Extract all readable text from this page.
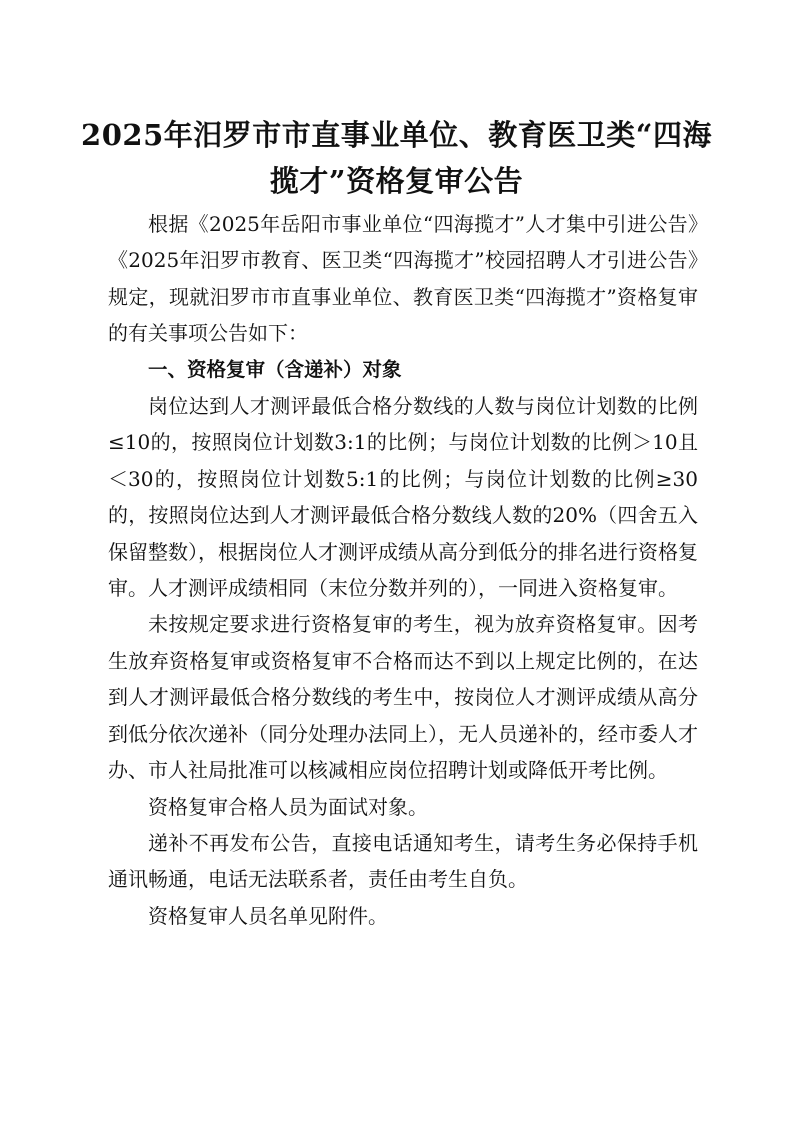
2025年汨罗市市直事业单位、教育医卫类“四海揽才”资格复审公告

根据《2025年岳阳市事业单位“四海揽才”人才集中引进公告》《2025年汨罗市教育、医卫类“四海揽才”校园招聘人才引进公告》规定，现就汨罗市市直事业单位、教育医卫类“四海揽才”资格复审的有关事项公告如下：

一、资格复审（含递补）对象

岗位达到人才测评最低合格分数线的人数与岗位计划数的比例≤10的，按照岗位计划数3:1的比例；与岗位计划数的比例＞10且＜30的，按照岗位计划数5:1的比例；与岗位计划数的比例≥30的，按照岗位达到人才测评最低合格分数线人数的20%（四舍五入保留整数），根据岗位人才测评成绩从高分到低分的排名进行资格复审。人才测评成绩相同（末位分数并列的），一同进入资格复审。

未按规定要求进行资格复审的考生，视为放弃资格复审。因考生放弃资格复审或资格复审不合格而达不到以上规定比例的，在达到人才测评最低合格分数线的考生中，按岗位人才测评成绩从高分到低分依次递补（同分处理办法同上），无人员递补的，经市委人才办、市人社局批准可以核减相应岗位招聘计划或降低开考比例。

资格复审合格人员为面试对象。

递补不再发布公告，直接电话通知考生，请考生务必保持手机通讯畅通，电话无法联系者，责任由考生自负。

资格复审人员名单见附件。
